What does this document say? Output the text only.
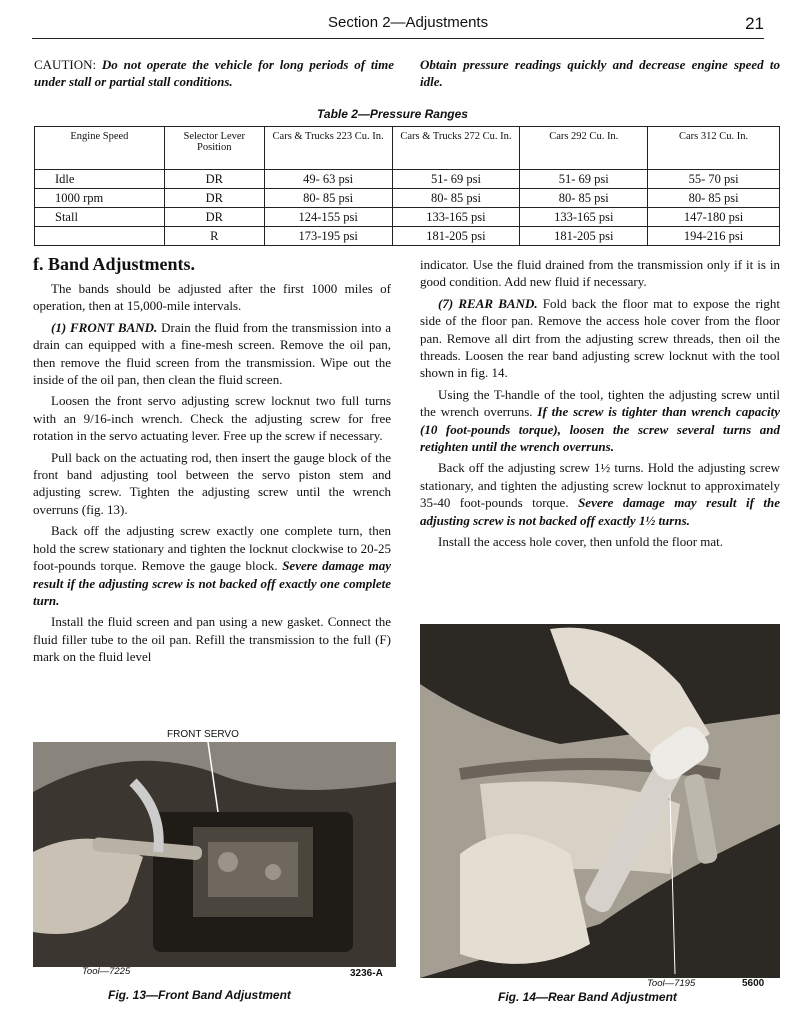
Section 2—Adjustments	21
CAUTION: Do not operate the vehicle for long periods of time under stall or partial stall conditions.
Obtain pressure readings quickly and decrease engine speed to idle.
Table 2—Pressure Ranges
Engine Speed	Selector Lever Position	Cars & Trucks 223 Cu. In.	Cars & Trucks 272 Cu. In.	Cars 292 Cu. In.	Cars 312 Cu. In.
Idle	DR	49- 63 psi	51- 69 psi	51- 69 psi	55- 70 psi
1000 rpm	DR	80- 85 psi	80- 85 psi	80- 85 psi	80- 85 psi
Stall	DR	124-155 psi	133-165 psi	133-165 psi	147-180 psi
	R	173-195 psi	181-205 psi	181-205 psi	194-216 psi
f. Band Adjustments.

The bands should be adjusted after the first 1000 miles of operation, then at 15,000-mile intervals.

(1) FRONT BAND. Drain the fluid from the transmission into a drain can equipped with a fine-mesh screen. Remove the oil pan, then remove the fluid screen from the transmission. Wipe out the inside of the oil pan, then clean the fluid screen.

Loosen the front servo adjusting screw locknut two full turns with an 9/16-inch wrench. Check the adjusting screw for free rotation in the servo actuating lever. Free up the screw if necessary.

Pull back on the actuating rod, then insert the gauge block of the front band adjusting tool between the servo piston stem and adjusting screw. Tighten the adjusting screw until the wrench overruns (fig. 13).

Back off the adjusting screw exactly one complete turn, then hold the screw stationary and tighten the locknut clockwise to 20-25 foot-pounds torque. Remove the gauge block. Severe damage may result if the adjusting screw is not backed off exactly one complete turn.

Install the fluid screen and pan using a new gasket. Connect the fluid filler tube to the oil pan. Refill the transmission to the full (F) mark on the fluid level

indicator. Use the fluid drained from the transmission only if it is in good condition. Add new fluid if necessary.

(7) REAR BAND. Fold back the floor mat to expose the right side of the floor pan. Remove the access hole cover from the floor pan. Remove all dirt from the adjusting screw threads, then oil the threads. Loosen the rear band adjusting screw locknut with the tool shown in fig. 14.

Using the T-handle of the tool, tighten the adjusting screw until the wrench overruns. If the screw is tighter than wrench capacity (10 foot-pounds torque), loosen the screw several turns and retighten until the wrench overruns.

Back off the adjusting screw 1½ turns. Hold the adjusting screw stationary, and tighten the adjusting screw locknut to approximately 35-40 foot-pounds torque. Severe damage may result if the adjusting screw is not backed off exactly 1½ turns.

Install the access hole cover, then unfold the floor mat.

FRONT SERVO
Tool—7225	3236-A
Fig. 13—Front Band Adjustment
Tool—7195	5600
Fig. 14—Rear Band Adjustment
